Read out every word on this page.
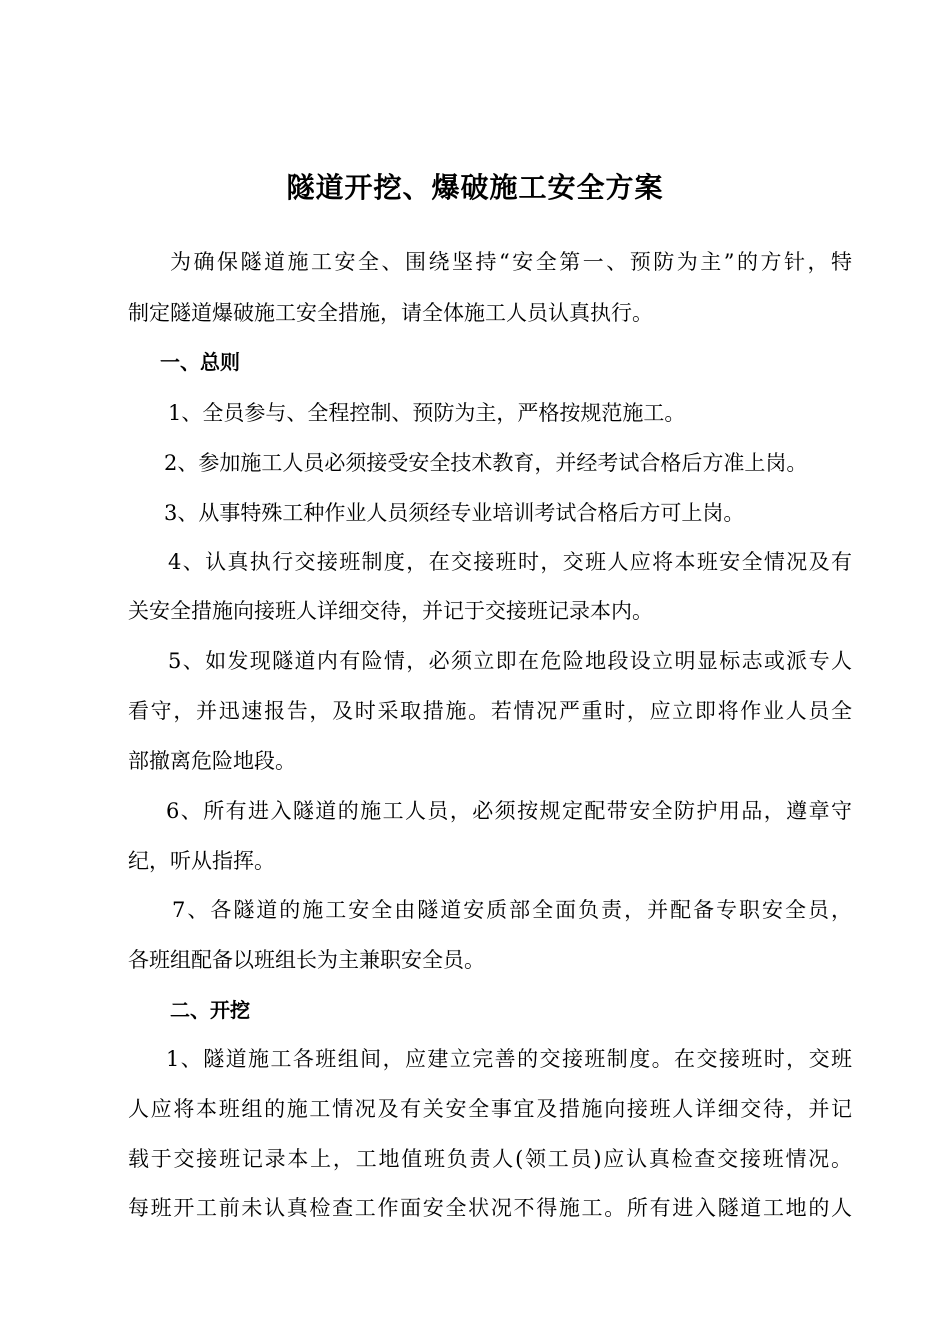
隧道开挖、爆破施工安全方案
为确保隧道施工安全、围绕坚持“安全第一、预防为主”的方针，特
制定隧道爆破施工安全措施，请全体施工人员认真执行。
一、总则
1、全员参与、全程控制、预防为主，严格按规范施工。
2、参加施工人员必须接受安全技术教育，并经考试合格后方准上岗。
3、从事特殊工种作业人员须经专业培训考试合格后方可上岗。
4、认真执行交接班制度，在交接班时，交班人应将本班安全情况及有
关安全措施向接班人详细交待，并记于交接班记录本内。
5、如发现隧道内有险情，必须立即在危险地段设立明显标志或派专人
看守，并迅速报告，及时采取措施。若情况严重时，应立即将作业人员全
部撤离危险地段。
6、所有进入隧道的施工人员，必须按规定配带安全防护用品，遵章守
纪，听从指挥。
7、各隧道的施工安全由隧道安质部全面负责，并配备专职安全员，
各班组配备以班组长为主兼职安全员。
二、开挖
1、隧道施工各班组间，应建立完善的交接班制度。在交接班时，交班
人应将本班组的施工情况及有关安全事宜及措施向接班人详细交待，并记
载于交接班记录本上，工地值班负责人(领工员)应认真检查交接班情况。
每班开工前未认真检查工作面安全状况不得施工。所有进入隧道工地的人
